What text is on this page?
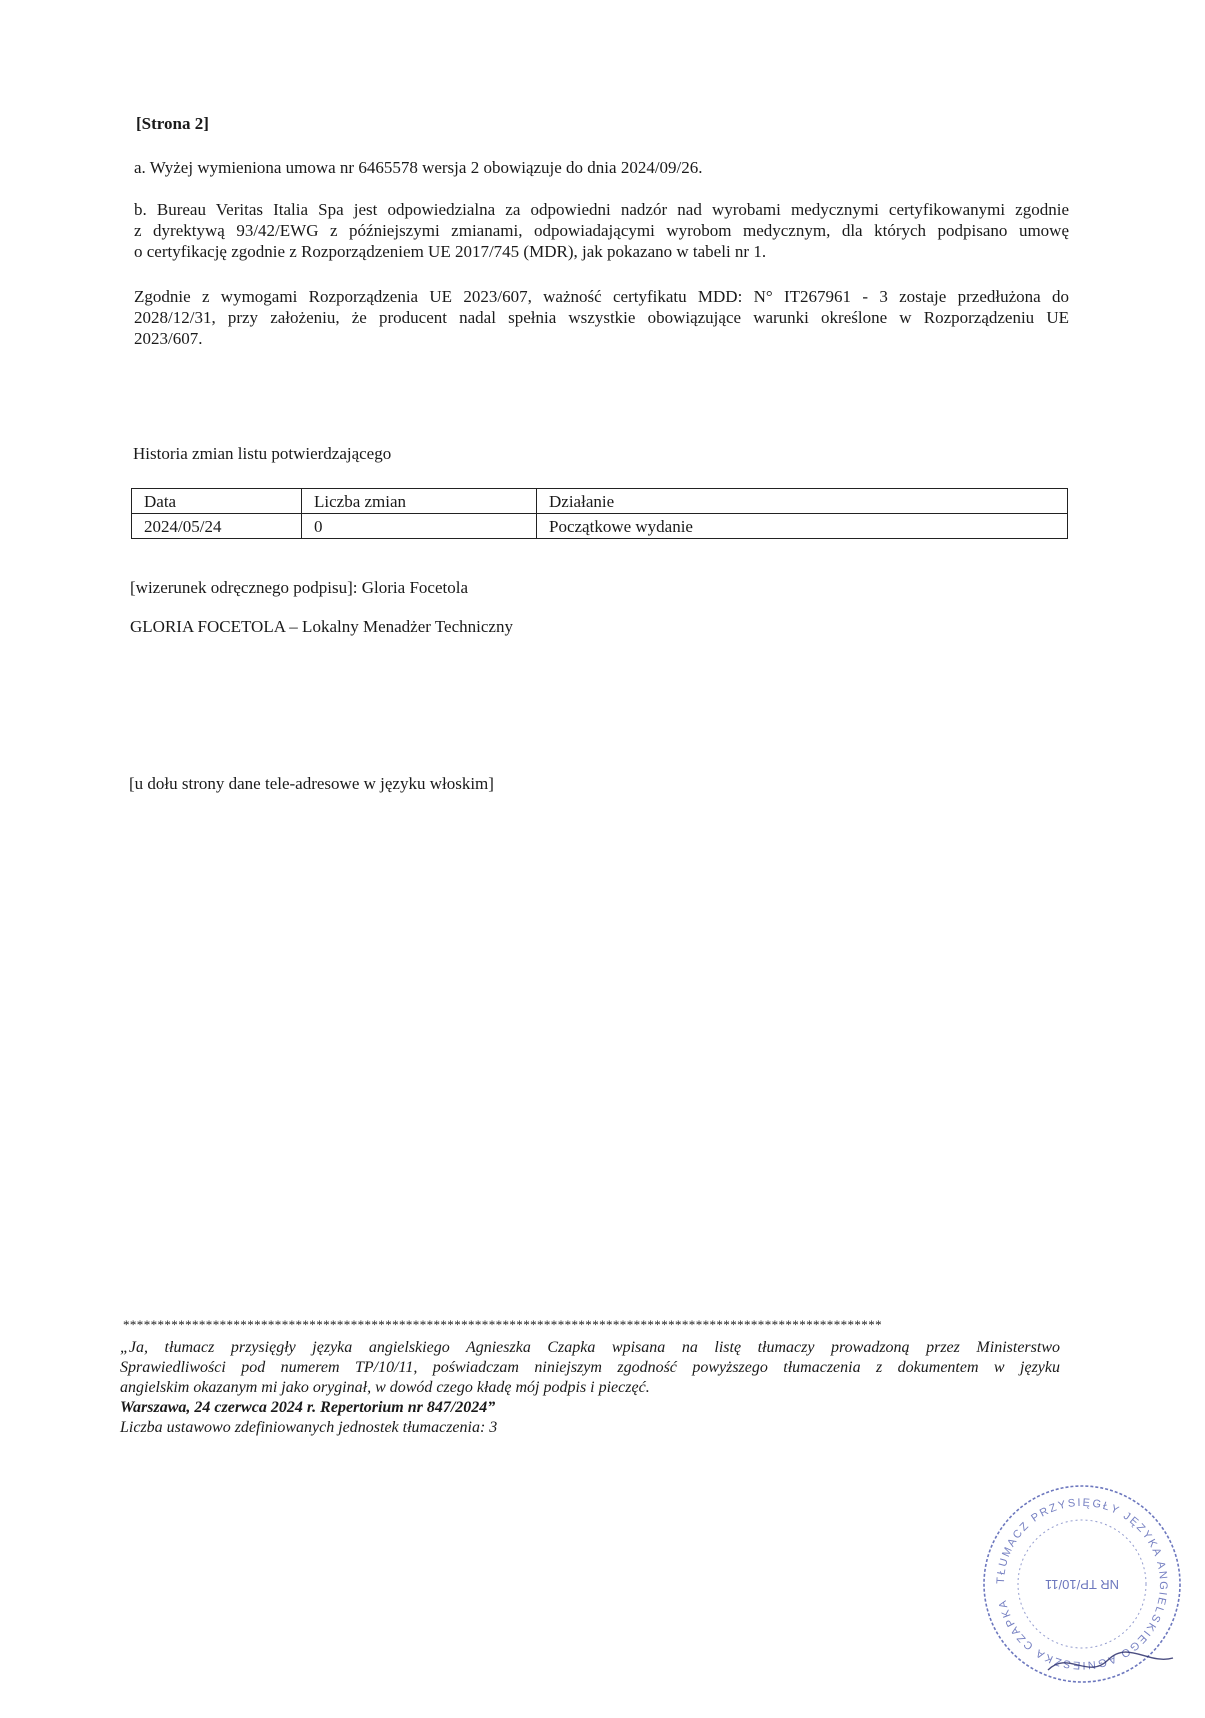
[Strona 2]
a. Wyżej wymieniona umowa nr 6465578 wersja 2 obowiązuje do dnia 2024/09/26.
b. Bureau Veritas Italia Spa jest odpowiedzialna za odpowiedni nadzór nad wyrobami medycznymi certyfikowanymi zgodnie
z dyrektywą 93/42/EWG z późniejszymi zmianami, odpowiadającymi wyrobom medycznym, dla których podpisano umowę
o certyfikację zgodnie z Rozporządzeniem UE 2017/745 (MDR), jak pokazano w tabeli nr 1.
Zgodnie z wymogami Rozporządzenia UE 2023/607, ważność certyfikatu MDD: N° IT267961 - 3 zostaje przedłużona do
2028/12/31, przy założeniu, że producent nadal spełnia wszystkie obowiązujące warunki określone w Rozporządzeniu UE
2023/607.
Historia zmian listu potwierdzającego
Data	Liczba zmian	Działanie
2024/05/24	0	Początkowe wydanie
[wizerunek odręcznego podpisu]: Gloria Focetola
GLORIA FOCETOLA – Lokalny Menadżer Techniczny
[u dołu strony dane tele-adresowe w języku włoskim]
**************************************************************************************************************
„Ja, tłumacz przysięgły języka angielskiego Agnieszka Czapka wpisana na listę tłumaczy prowadzoną przez Ministerstwo
Sprawiedliwości pod numerem TP/10/11, poświadczam niniejszym zgodność powyższego tłumaczenia z dokumentem w języku
angielskim okazanym mi jako oryginał, w dowód czego kładę mój podpis i pieczęć.
Warszawa, 24 czerwca 2024 r. Repertorium nr 847/2024”
Liczba ustawowo zdefiniowanych jednostek tłumaczenia: 3
TŁUMACZ PRZYSIĘGŁY JĘZYKA ANGIELSKIEGO AGNIESZKA CZAPKA
NR TP/10/11
